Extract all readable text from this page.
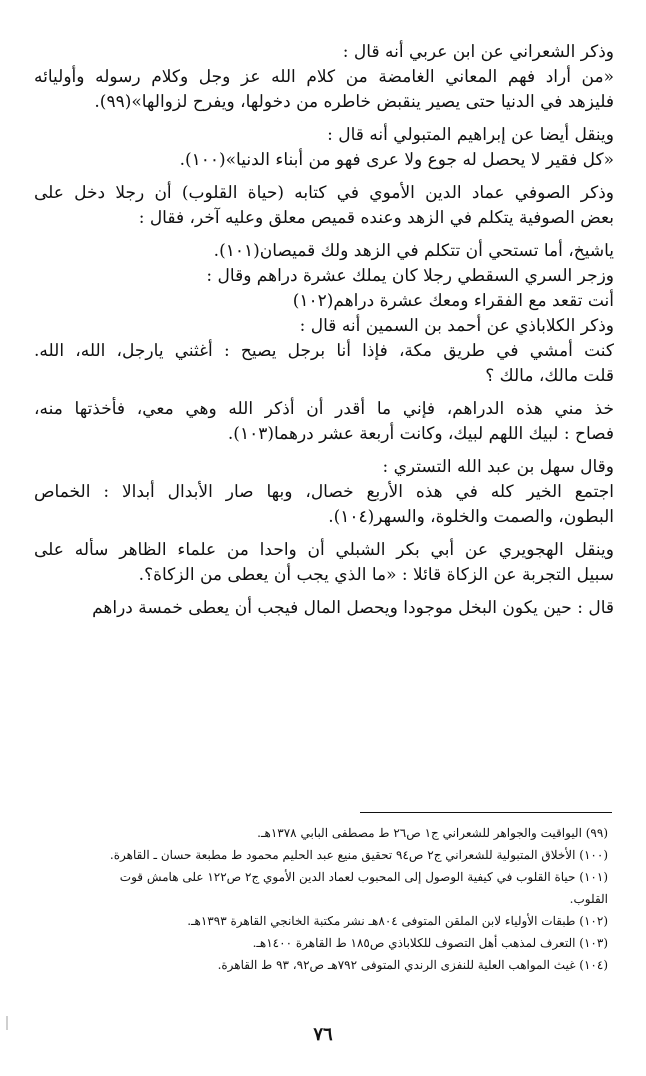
وذكر الشعراني عن ابن عربي أنه قال :

«من أراد فهم المعاني الغامضة من كلام الله عز وجل وكلام رسوله وأوليائه

فليزهد في الدنيا حتى يصير ينقبض خاطره من دخولها، ويفرح لزوالها»(٩٩).

وينقل أيضا عن إبراهيم المتبولي أنه قال :

«كل فقير لا يحصل له جوع ولا عرى فهو من أبناء الدنيا»(١٠٠).

وذكر الصوفي عماد الدين الأموي في كتابه (حياة القلوب) أن رجلا دخل على

بعض الصوفية يتكلم في الزهد وعنده قميص معلق وعليه آخر، فقال :

ياشيخ، أما تستحي أن تتكلم في الزهد ولك قميصان(١٠١).

وزجر السري السقطي رجلا كان يملك عشرة دراهم وقال :

أنت تقعد مع الفقراء ومعك عشرة دراهم(١٠٢)

وذكر الكلاباذي عن أحمد بن السمين أنه قال :

كنت أمشي في طريق مكة، فإذا أنا برجل يصيح : أغثني يارجل، الله، الله.

قلت مالك، مالك ؟

خذ مني هذه الدراهم، فإني ما أقدر أن أذكر الله وهي معي، فأخذتها منه،

فصاح : لبيك اللهم لبيك، وكانت أربعة عشر درهما(١٠٣).

وقال سهل بن عبد الله التستري :

اجتمع الخير كله في هذه الأربع خصال، وبها صار الأبدال أبدالا : الخماص

البطون، والصمت والخلوة، والسهر(١٠٤).

وينقل الهجويري عن أبي بكر الشبلي أن واحدا من علماء الظاهر سأله على

سبيل التجربة عن الزكاة قائلا : «ما الذي يجب أن يعطى من الزكاة؟.

قال : حين يكون البخل موجودا ويحصل المال فيجب أن يعطى خمسة دراهم

(٩٩) اليواقيت والجواهر للشعراني ج١ ص٢٦ ط مصطفى البابي ١٣٧٨هـ.

(١٠٠) الأخلاق المتبولية للشعراني ج٢ ص٩٤ تحقيق منيع عبد الحليم محمود ط مطبعة حسان ـ القاهرة.

(١٠١) حياة القلوب في كيفية الوصول إلى المحبوب لعماد الدين الأموي ج٢ ص١٢٢ على هامش قوت

القلوب.

(١٠٢) طبقات الأولياء لابن الملقن المتوفى ٨٠٤هـ نشر مكتبة الخانجي القاهرة ١٣٩٣هـ.

(١٠٣) التعرف لمذهب أهل التصوف للكلاباذي ص١٨٥ ط القاهرة ١٤٠٠هـ.

(١٠٤) غيث المواهب العلية للنفزى الرندي المتوفى ٧٩٢هـ ص٩٢، ٩٣ ط القاهرة.

٧٦
